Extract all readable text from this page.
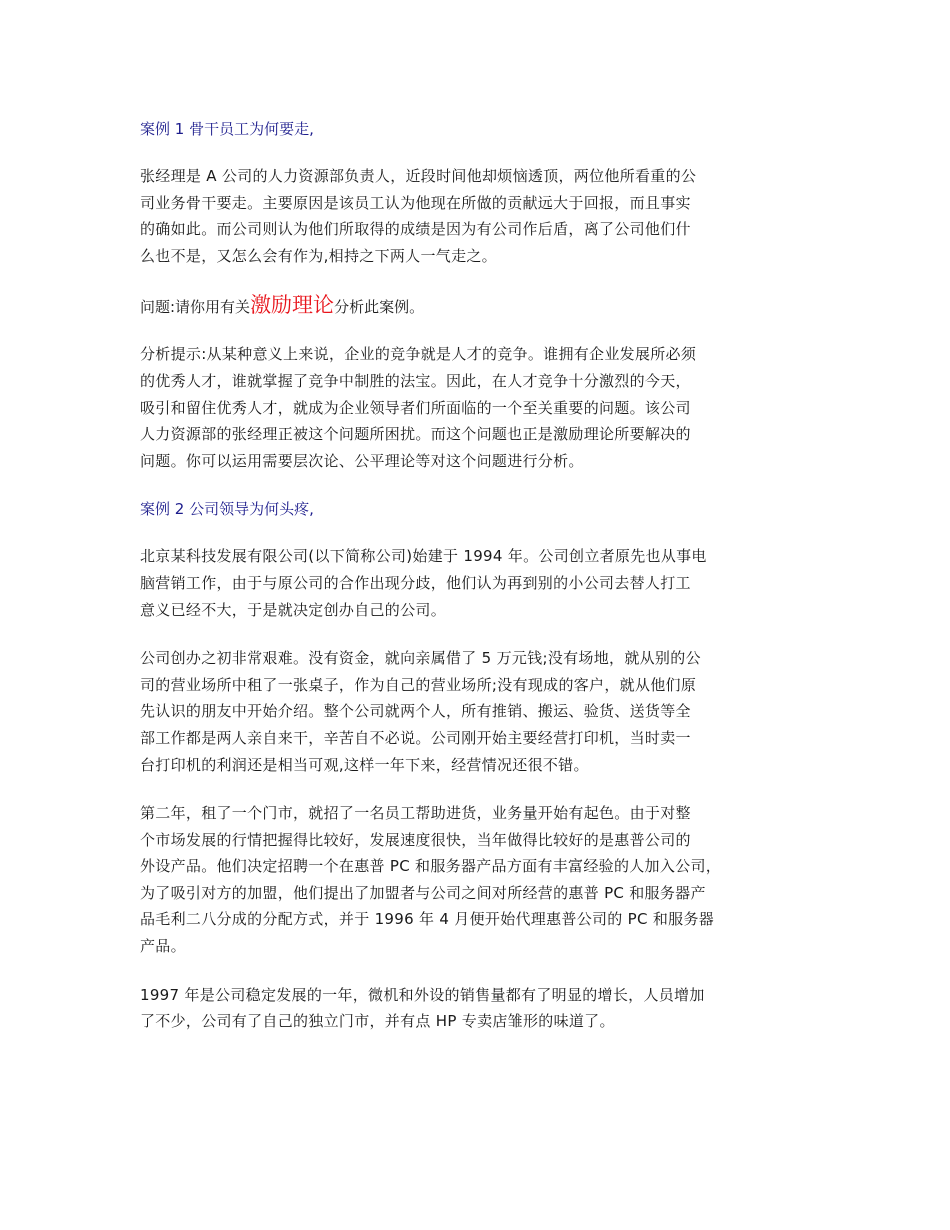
案例 1 骨干员工为何要走,
张经理是 A 公司的人力资源部负责人，近段时间他却烦恼透顶，两位他所看重的公
司业务骨干要走。主要原因是该员工认为他现在所做的贡献远大于回报，而且事实
的确如此。而公司则认为他们所取得的成绩是因为有公司作后盾，离了公司他们什
么也不是，又怎么会有作为,相持之下两人一气走之。
问题:请你用有关激励理论分析此案例。
分析提示:从某种意义上来说，企业的竞争就是人才的竞争。谁拥有企业发展所必须
的优秀人才，谁就掌握了竞争中制胜的法宝。因此，在人才竞争十分激烈的今天，
吸引和留住优秀人才，就成为企业领导者们所面临的一个至关重要的问题。该公司
人力资源部的张经理正被这个问题所困扰。而这个问题也正是激励理论所要解决的
问题。你可以运用需要层次论、公平理论等对这个问题进行分析。
案例 2 公司领导为何头疼,
北京某科技发展有限公司(以下简称公司)始建于 1994 年。公司创立者原先也从事电
脑营销工作，由于与原公司的合作出现分歧，他们认为再到别的小公司去替人打工
意义已经不大，于是就决定创办自己的公司。
公司创办之初非常艰难。没有资金，就向亲属借了 5 万元钱;没有场地，就从别的公
司的营业场所中租了一张桌子，作为自己的营业场所;没有现成的客户，就从他们原
先认识的朋友中开始介绍。整个公司就两个人，所有推销、搬运、验货、送货等全
部工作都是两人亲自来干，辛苦自不必说。公司刚开始主要经营打印机，当时卖一
台打印机的利润还是相当可观,这样一年下来，经营情况还很不错。
第二年，租了一个门市，就招了一名员工帮助进货，业务量开始有起色。由于对整
个市场发展的行情把握得比较好，发展速度很快，当年做得比较好的是惠普公司的
外设产品。他们决定招聘一个在惠普 PC 和服务器产品方面有丰富经验的人加入公司，
为了吸引对方的加盟，他们提出了加盟者与公司之间对所经营的惠普 PC 和服务器产
品毛利二八分成的分配方式，并于 1996 年 4 月便开始代理惠普公司的 PC 和服务器
产品。
1997 年是公司稳定发展的一年，微机和外设的销售量都有了明显的增长，人员增加
了不少，公司有了自己的独立门市，并有点 HP 专卖店雏形的味道了。
